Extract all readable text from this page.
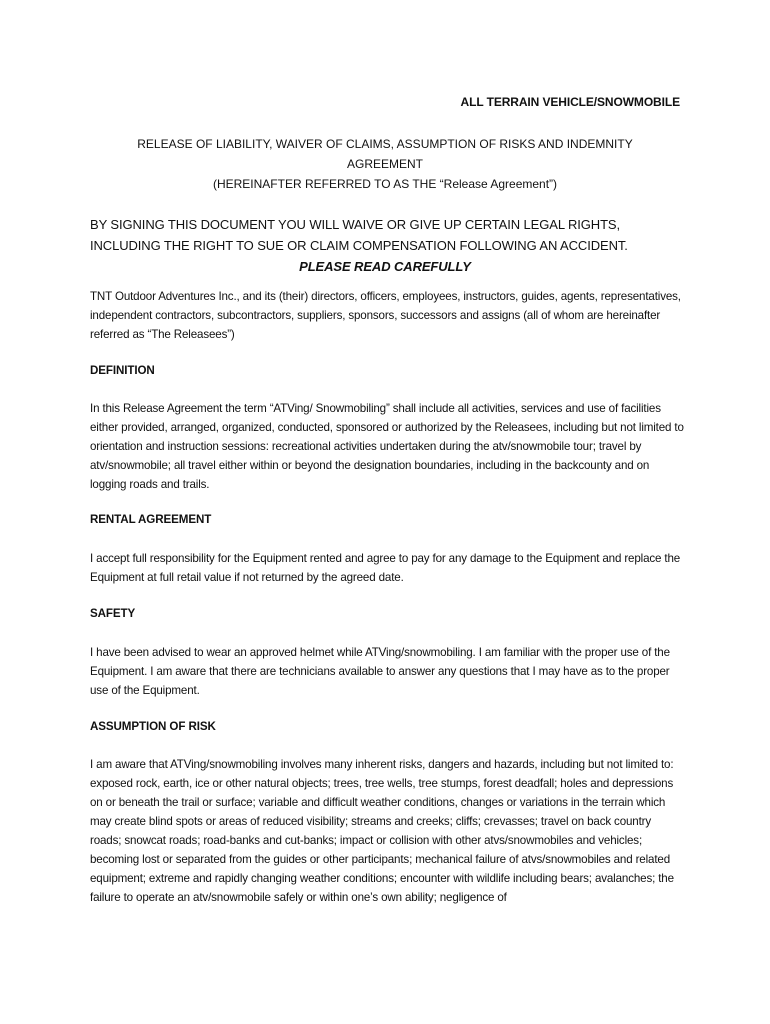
ALL TERRAIN VEHICLE/SNOWMOBILE
RELEASE OF LIABILITY, WAIVER OF CLAIMS, ASSUMPTION OF RISKS AND INDEMNITY
AGREEMENT
(HEREINAFTER REFERRED TO AS THE “Release Agreement”)
BY SIGNING THIS DOCUMENT YOU WILL WAIVE OR GIVE UP CERTAIN LEGAL RIGHTS,
INCLUDING THE RIGHT TO SUE OR CLAIM COMPENSATION FOLLOWING AN ACCIDENT.
PLEASE READ CAREFULLY

TNT Outdoor Adventures Inc., and its (their) directors, officers, employees, instructors, guides, agents, representatives, independent contractors, subcontractors, suppliers, sponsors, successors and assigns (all of whom are hereinafter referred as “The Releasees”)

DEFINITION

In this Release Agreement the term “ATVing/ Snowmobiling” shall include all activities, services and use of facilities either provided, arranged, organized, conducted, sponsored or authorized by the Releasees, including but not limited to orientation and instruction sessions: recreational activities undertaken during the atv/snowmobile tour; travel by atv/snowmobile; all travel either within or beyond the designation boundaries, including in the backcounty and on logging roads and trails.

RENTAL AGREEMENT

I accept full responsibility for the Equipment rented and agree to pay for any damage to the Equipment and replace the Equipment at full retail value if not returned by the agreed date.

SAFETY

I have been advised to wear an approved helmet while ATVing/snowmobiling. I am familiar with the proper use of the Equipment. I am aware that there are technicians available to answer any questions that I may have as to the proper use of the Equipment.

ASSUMPTION OF RISK

I am aware that ATVing/snowmobiling involves many inherent risks, dangers and hazards, including but not limited to: exposed rock, earth, ice or other natural objects; trees, tree wells, tree stumps, forest deadfall; holes and depressions on or beneath the trail or surface; variable and difficult weather conditions, changes or variations in the terrain which may create blind spots or areas of reduced visibility; streams and creeks; cliffs; crevasses; travel on back country roads; snowcat roads; road-banks and cut-banks; impact or collision with other atvs/snowmobiles and vehicles; becoming lost or separated from the guides or other participants; mechanical failure of atvs/snowmobiles and related equipment; extreme and rapidly changing weather conditions; encounter with wildlife including bears; avalanches; the failure to operate an atv/snowmobile safely or within one’s own ability; negligence of
